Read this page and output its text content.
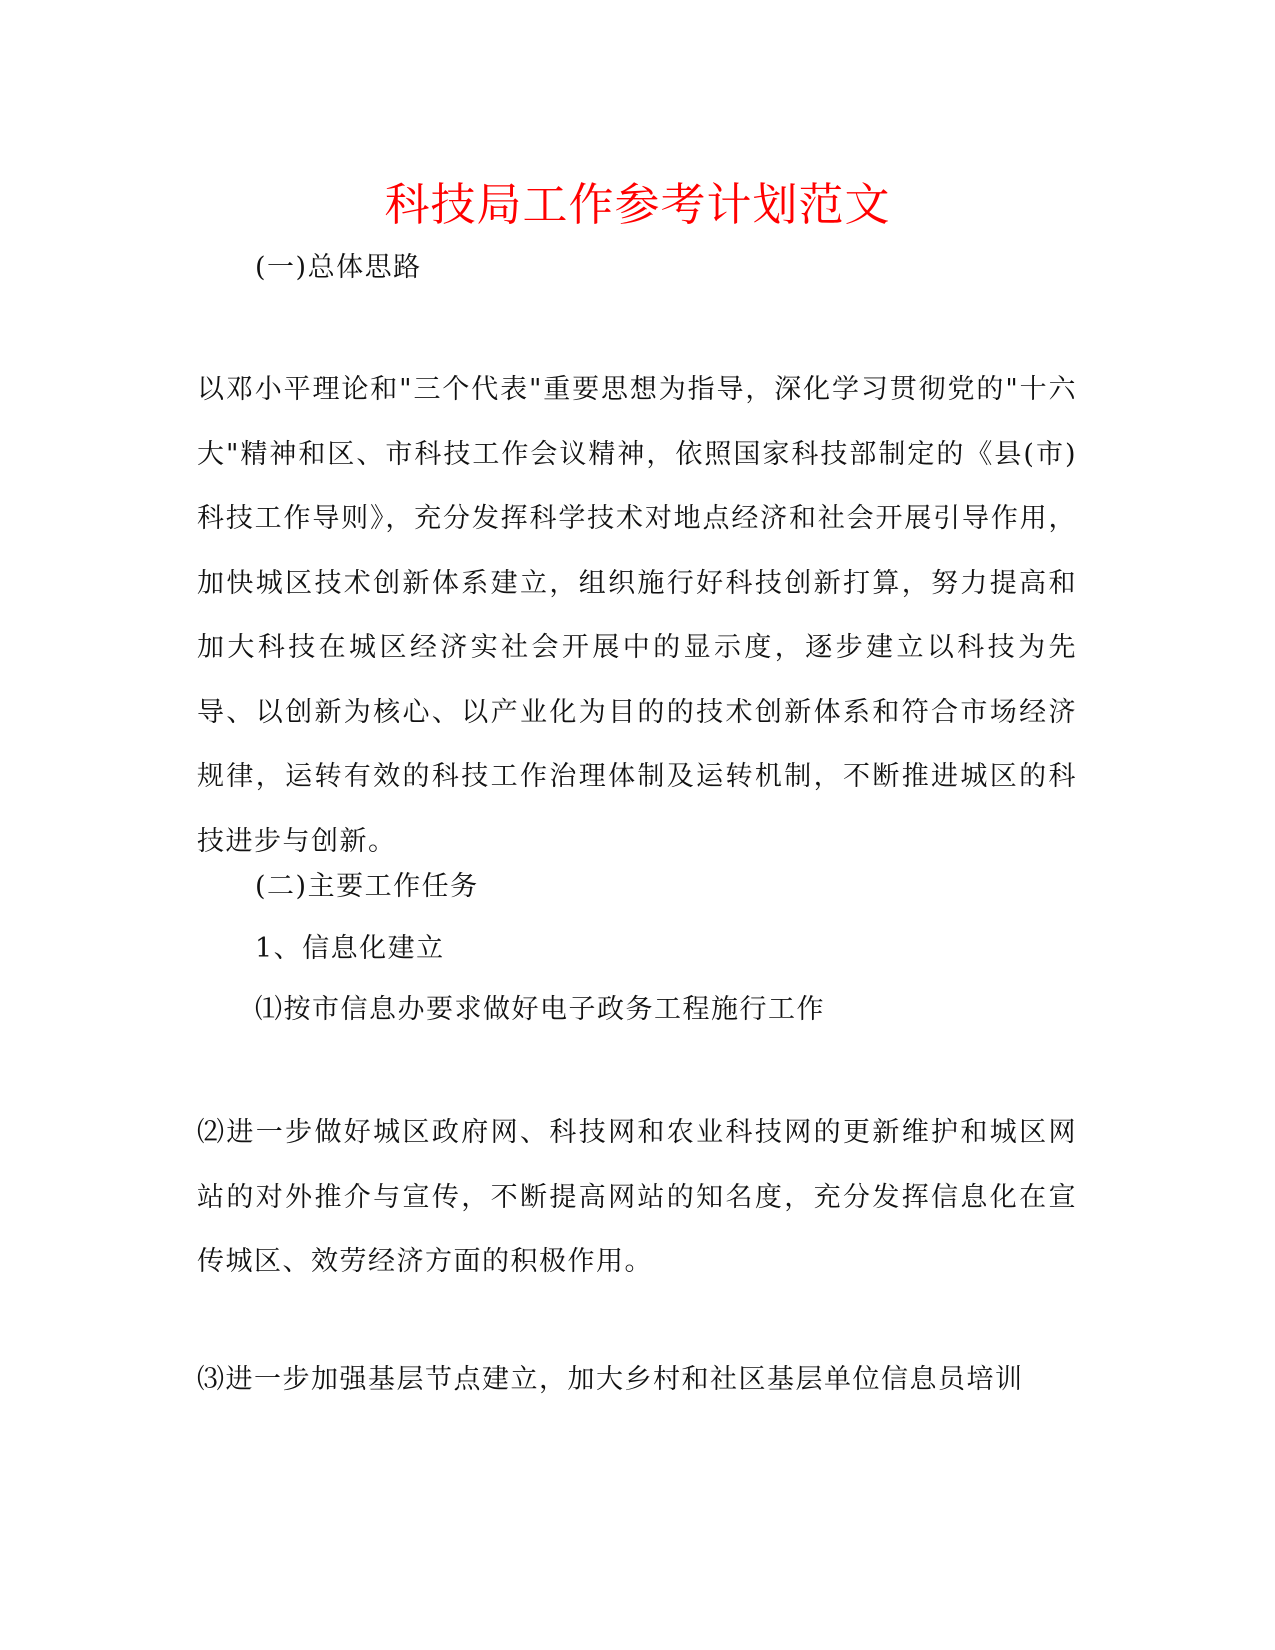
科技局工作参考计划范文

(一)总体思路

以邓小平理论和"三个代表"重要思想为指导，深化学习贯彻党的"十六大"精神和区、市科技工作会议精神，依照国家科技部制定的《县(市)科技工作导则》，充分发挥科学技术对地点经济和社会开展引导作用，加快城区技术创新体系建立，组织施行好科技创新打算，努力提高和加大科技在城区经济实社会开展中的显示度，逐步建立以科技为先导、以创新为核心、以产业化为目的的技术创新体系和符合市场经济规律，运转有效的科技工作治理体制及运转机制，不断推进城区的科技进步与创新。

(二)主要工作任务

1、信息化建立

⑴按市信息办要求做好电子政务工程施行工作

⑵进一步做好城区政府网、科技网和农业科技网的更新维护和城区网站的对外推介与宣传，不断提高网站的知名度，充分发挥信息化在宣传城区、效劳经济方面的积极作用。

⑶进一步加强基层节点建立，加大乡村和社区基层单位信息员培训
